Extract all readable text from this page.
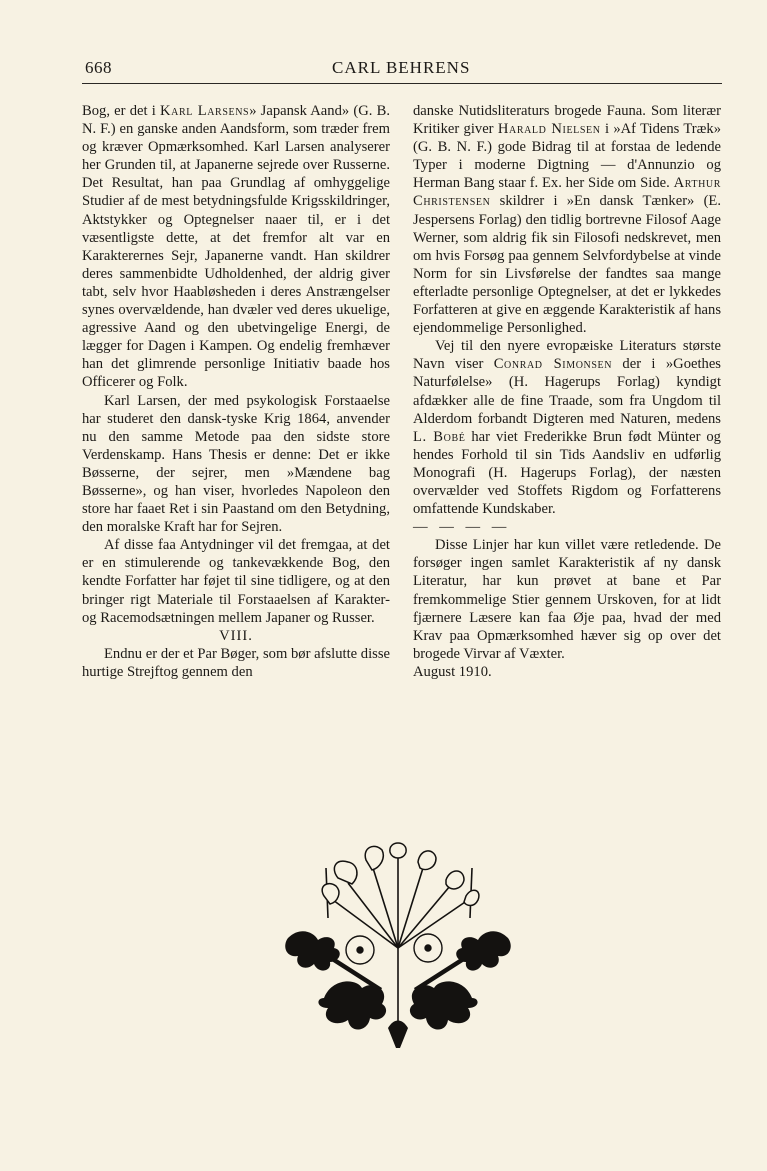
668	CARL BEHRENS

Bog, er det i Karl Larsens» Japansk Aand» (G. B. N. F.) en ganske anden Aandsform, som træder frem og kræver Opmærksomhed. Karl Larsen analyserer her Grunden til, at Japanerne sejrede over Russerne. Det Resultat, han paa Grundlag af omhyggelige Studier af de mest betydningsfulde Krigsskildringer, Aktstykker og Optegnelser naaer til, er i det væsentligste dette, at det fremfor alt var en Karakterernes Sejr, Japanerne vandt. Han skildrer deres sammenbidte Udholdenhed, der aldrig giver tabt, selv hvor Haabløsheden i deres Anstrængelser synes overvældende, han dvæler ved deres ukuelige, agressive Aand og den ubetvingelige Energi, de lægger for Dagen i Kampen. Og endelig fremhæver han det glimrende personlige Initiativ baade hos Officerer og Folk.

Karl Larsen, der med psykologisk Forstaaelse har studeret den dansk-tyske Krig 1864, anvender nu den samme Metode paa den sidste store Verdenskamp. Hans Thesis er denne: Det er ikke Bøsserne, der sejrer, men »Mændene bag Bøsserne», og han viser, hvorledes Napoleon den store har faaet Ret i sin Paastand om den Betydning, den moralske Kraft har for Sejren.

Af disse faa Antydninger vil det fremgaa, at det er en stimulerende og tankevækkende Bog, den kendte Forfatter har føjet til sine tidligere, og at den bringer rigt Materiale til Forstaaelsen af Karakter- og Racemodsætningen mellem Japaner og Russer.

VIII.

Endnu er der et Par Bøger, som bør afslutte disse hurtige Strejftog gennem den

danske Nutidsliteraturs brogede Fauna. Som literær Kritiker giver Harald Nielsen i »Af Tidens Træk» (G. B. N. F.) gode Bidrag til at forstaa de ledende Typer i moderne Digtning — d'Annunzio og Herman Bang staar f. Ex. her Side om Side. Arthur Christensen skildrer i »En dansk Tænker» (E. Jespersens Forlag) den tidlig bortrevne Filosof Aage Werner, som aldrig fik sin Filosofi nedskrevet, men om hvis Forsøg paa gennem Selvfordybelse at vinde Norm for sin Livsførelse der fandtes saa mange efterladte personlige Optegnelser, at det er lykkedes Forfatteren at give en æggende Karakteristik af hans ejendommelige Personlighed.

Vej til den nyere evropæiske Literaturs største Navn viser Conrad Simonsen der i »Goethes Naturfølelse» (H. Hagerups Forlag) kyndigt afdækker alle de fine Traade, som fra Ungdom til Alderdom forbandt Digteren med Naturen, medens L. Bobé har viet Frederikke Brun født Münter og hendes Forhold til sin Tids Aandsliv en udførlig Monografi (H. Hagerups Forlag), der næsten overvælder ved Stoffets Rigdom og Forfatterens omfattende Kundskaber.

— — — —

Disse Linjer har kun villet være retledende. De forsøger ingen samlet Karakteristik af ny dansk Literatur, har kun prøvet at bane et Par fremkommelige Stier gennem Urskoven, for at lidt fjærnere Læsere kan faa Øje paa, hvad der med Krav paa Opmærksomhed hæver sig op over det brogede Virvar af Væxter.

August 1910.
